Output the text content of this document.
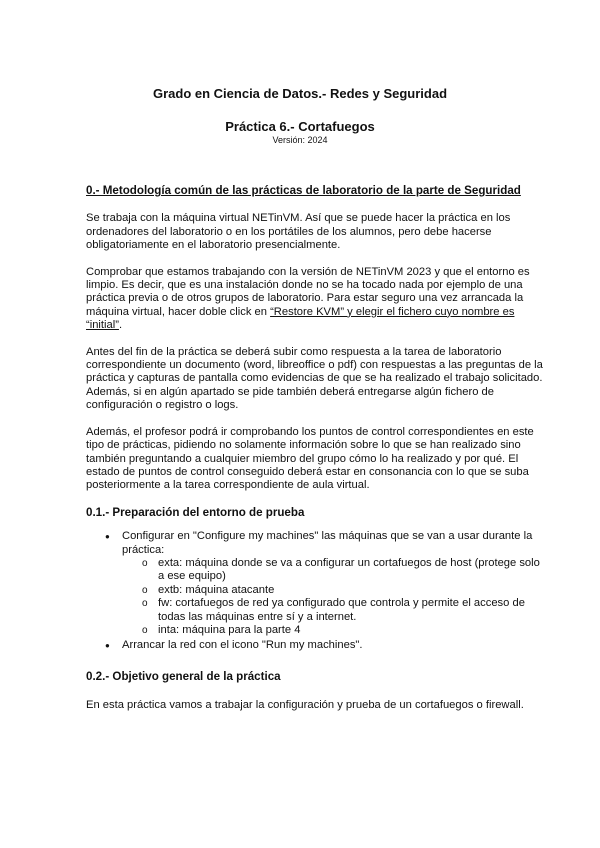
Grado en Ciencia de Datos.- Redes y Seguridad
Práctica 6.- Cortafuegos

Versión: 2024

0.- Metodología común de las prácticas de laboratorio de la parte de Seguridad

Se trabaja con la máquina virtual NETinVM. Así que se puede hacer la práctica en los ordenadores del laboratorio o en los portátiles de los alumnos, pero debe hacerse obligatoriamente en el laboratorio presencialmente.

Comprobar que estamos trabajando con la versión de NETinVM 2023 y que el entorno es limpio. Es decir, que es una instalación donde no se ha tocado nada por ejemplo de una práctica previa o de otros grupos de laboratorio. Para estar seguro una vez arrancada la máquina virtual, hacer doble click en “Restore KVM” y elegir el fichero cuyo nombre es “initial”.

Antes del fin de la práctica se deberá subir como respuesta a la tarea de laboratorio correspondiente un documento (word, libreoffice o pdf) con respuestas a las preguntas de la práctica y capturas de pantalla como evidencias de que se ha realizado el trabajo solicitado. Además, si en algún apartado se pide también deberá entregarse algún fichero de configuración o registro o logs.

Además, el profesor podrá ir comprobando los puntos de control correspondientes en este tipo de prácticas, pidiendo no solamente información sobre lo que se han realizado sino también preguntando a cualquier miembro del grupo cómo lo ha realizado y por qué. El estado de puntos de control conseguido deberá estar en consonancia con lo que se suba posteriormente a la tarea correspondiente de aula virtual.

0.1.- Preparación del entorno de prueba
● Configurar en "Configure my machines" las máquinas que se van a usar durante la práctica:
o exta: máquina donde se va a configurar un cortafuegos de host (protege solo a ese equipo)
o extb: máquina atacante
o fw: cortafuegos de red ya configurado que controla y permite el acceso de todas las máquinas entre sí y a internet.
o inta: máquina para la parte 4
● Arrancar la red con el icono "Run my machines".
0.2.- Objetivo general de la práctica

En esta práctica vamos a trabajar la configuración y prueba de un cortafuegos o firewall.
